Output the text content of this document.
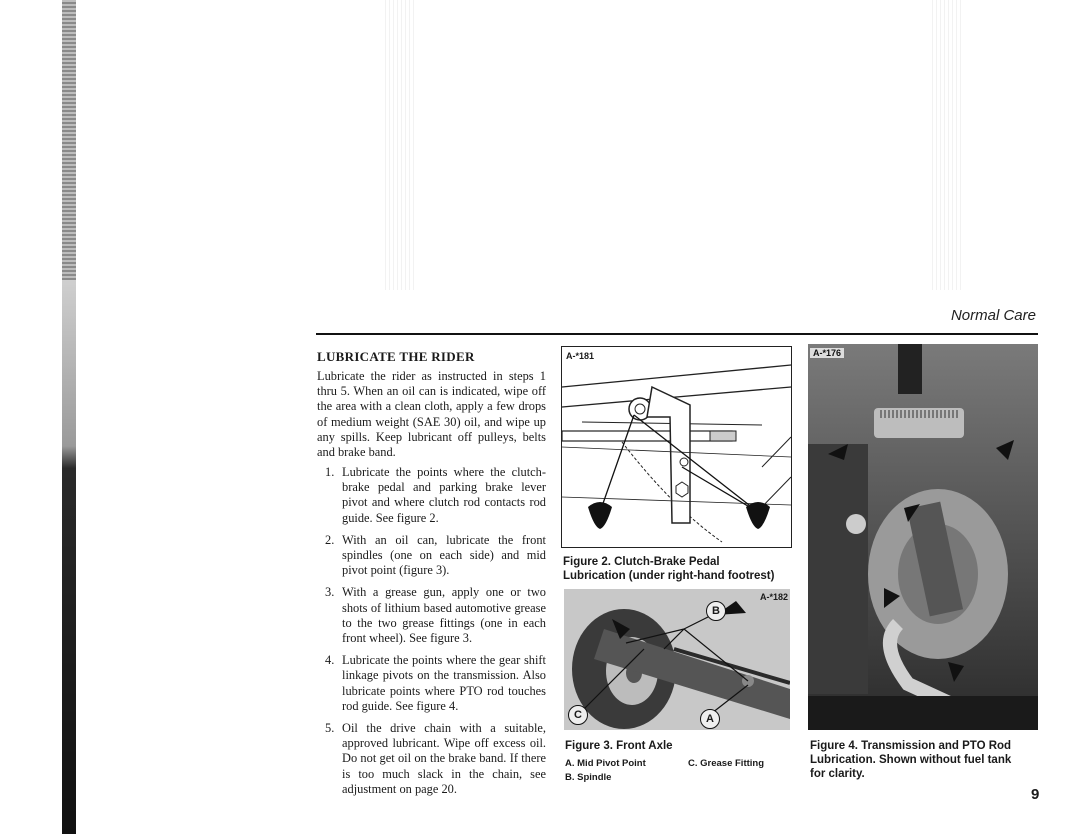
Normal Care
LUBRICATE THE RIDER

Lubricate the rider as instructed in steps 1 thru 5. When an oil can is indicated, wipe off the area with a clean cloth, apply a few drops of medium weight (SAE 30) oil, and wipe up any spills. Keep lubricant off pulleys, belts and brake band.

1. Lubricate the points where the clutch-brake pedal and parking brake lever pivot and where clutch rod contacts rod guide. See figure 2.
2. With an oil can, lubricate the front spindles (one on each side) and mid pivot point (figure 3).
3. With a grease gun, apply one or two shots of lithium based automotive grease to the two grease fittings (one in each front wheel). See figure 3.
4. Lubricate the points where the gear shift linkage pivots on the transmission. Also lubricate points where PTO rod touches rod guide. See figure 4.
5. Oil the drive chain with a suitable, approved lubricant. Wipe off excess oil. Do not get oil on the brake band. If there is too much slack in the chain, see adjustment on page 20.
A-*181
Figure 2. Clutch-Brake Pedal
Lubrication (under right-hand footrest)
A-*182
B
C	A
Figure 3. Front Axle
A. Mid Pivot Point	C. Grease Fitting
B. Spindle
A-*176
Figure 4. Transmission and PTO Rod
Lubrication. Shown without fuel tank
for clarity.
9
